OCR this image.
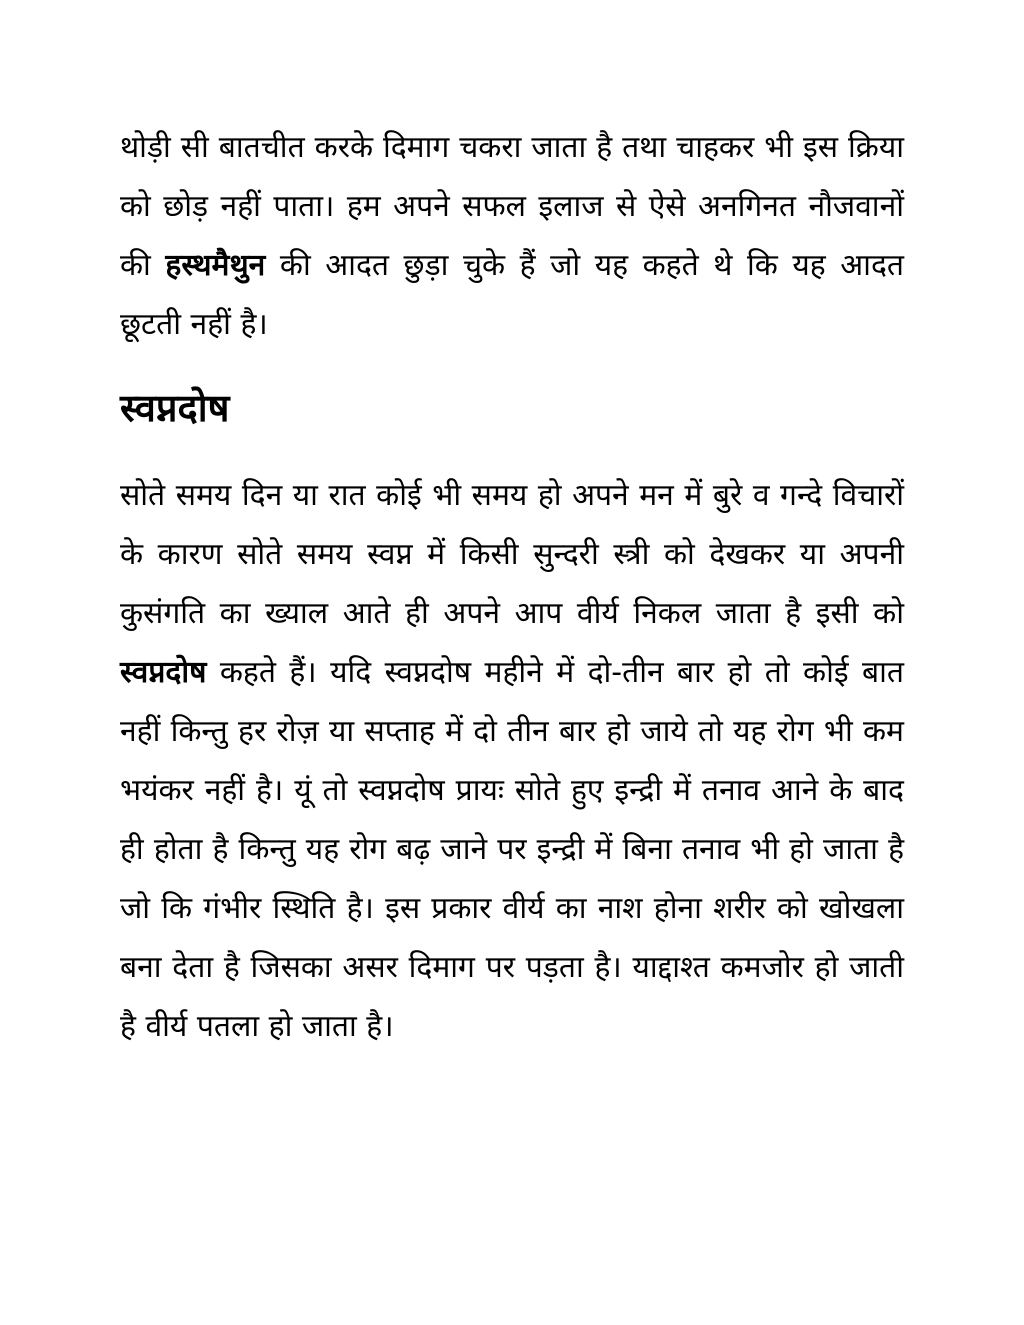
थोड़ी सी बातचीत करके दिमाग चकरा जाता है तथा चाहकर भी इस क्रिया को छोड़ नहीं पाता। हम अपने सफल इलाज से ऐसे अनगिनत नौजवानों की हस्थमैथुन की आदत छुड़ा चुके हैं जो यह कहते थे कि यह आदत छूटती नहीं है।

स्वप्नदोष

सोते समय दिन या रात कोई भी समय हो अपने मन में बुरे व गन्दे विचारों के कारण सोते समय स्वप्न में किसी सुन्दरी स्त्री को देखकर या अपनी कुसंगति का ख्याल आते ही अपने आप वीर्य निकल जाता है इसी को स्वप्नदोष कहते हैं। यदि स्वप्नदोष महीने में दो-तीन बार हो तो कोई बात नहीं किन्तु हर रोज़ या सप्ताह में दो तीन बार हो जाये तो यह रोग भी कम भयंकर नहीं है। यूं तो स्वप्नदोष प्रायः सोते हुए इन्द्री में तनाव आने के बाद ही होता है किन्तु यह रोग बढ़ जाने पर इन्द्री में बिना तनाव भी हो जाता है जो कि गंभीर स्थिति है। इस प्रकार वीर्य का नाश होना शरीर को खोखला बना देता है जिसका असर दिमाग पर पड़ता है। याद्दाश्त कमजोर हो जाती है वीर्य पतला हो जाता है।
